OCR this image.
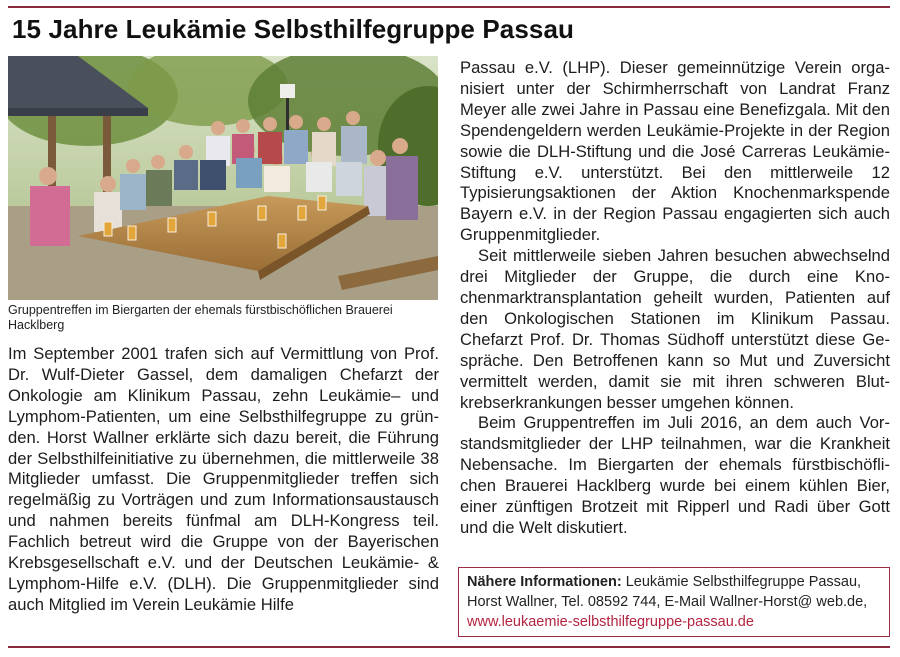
15 Jahre Leukämie Selbsthilfegruppe Passau
Gruppentreffen im Biergarten der ehemals fürstbischöflichen Brauerei Hacklberg

Im September 2001 trafen sich auf Vermittlung von Prof. Dr. Wulf-Dieter Gassel, dem damaligen Chefarzt der Onkologie am Klinikum Passau, zehn Leukämie– und Lymphom-Patienten, um eine Selbsthilfegruppe zu gründen. Horst Wallner erklärte sich dazu bereit, die Führung der Selbsthilfeinitiative zu übernehmen, die mittlerweile 38 Mitglieder umfasst. Die Gruppenmitglieder treffen sich regelmäßig zu Vorträgen und zum Informationsaustausch und nahmen bereits fünfmal am DLH-Kongress teil. Fachlich betreut wird die Gruppe von der Bayerischen Krebsgesellschaft e.V. und der Deutschen Leukämie- & Lymphom-Hilfe e.V. (DLH). Die Gruppenmitglieder sind auch Mitglied im Verein Leukämie Hilfe

Passau e.V. (LHP). Dieser gemeinnützige Verein organisiert unter der Schirmherrschaft von Landrat Franz Meyer alle zwei Jahre in Passau eine Benefizgala. Mit den Spendengeldern werden Leukämie-Projekte in der Region sowie die DLH-Stiftung und die José Carreras Leukämie-Stiftung e.V. unterstützt. Bei den mittlerweile 12 Typisierungsaktionen der Aktion Knochenmarkspende Bayern e.V. in der Region Passau engagierten sich auch Gruppenmitglieder.

Seit mittlerweile sieben Jahren besuchen abwechselnd drei Mitglieder der Gruppe, die durch eine Knochenmarktransplantation geheilt wurden, Patienten auf den Onkologischen Stationen im Klinikum Passau. Chefarzt Prof. Dr. Thomas Südhoff unterstützt diese Gespräche. Den Betroffenen kann so Mut und Zuversicht vermittelt werden, damit sie mit ihren schweren Blutkrebserkrankungen besser umgehen können.

Beim Gruppentreffen im Juli 2016, an dem auch Vorstandsmitglieder der LHP teilnahmen, war die Krankheit Nebensache. Im Biergarten der ehemals fürstbischöflichen Brauerei Hacklberg wurde bei einem kühlen Bier, einer zünftigen Brotzeit mit Ripperl und Radi über Gott und die Welt diskutiert.

Nähere Informationen: Leukämie Selbsthilfegruppe Passau, Horst Wallner, Tel. 08592 744, E-Mail Wallner-Horst@ web.de, www.leukaemie-selbsthilfegruppe-passau.de
